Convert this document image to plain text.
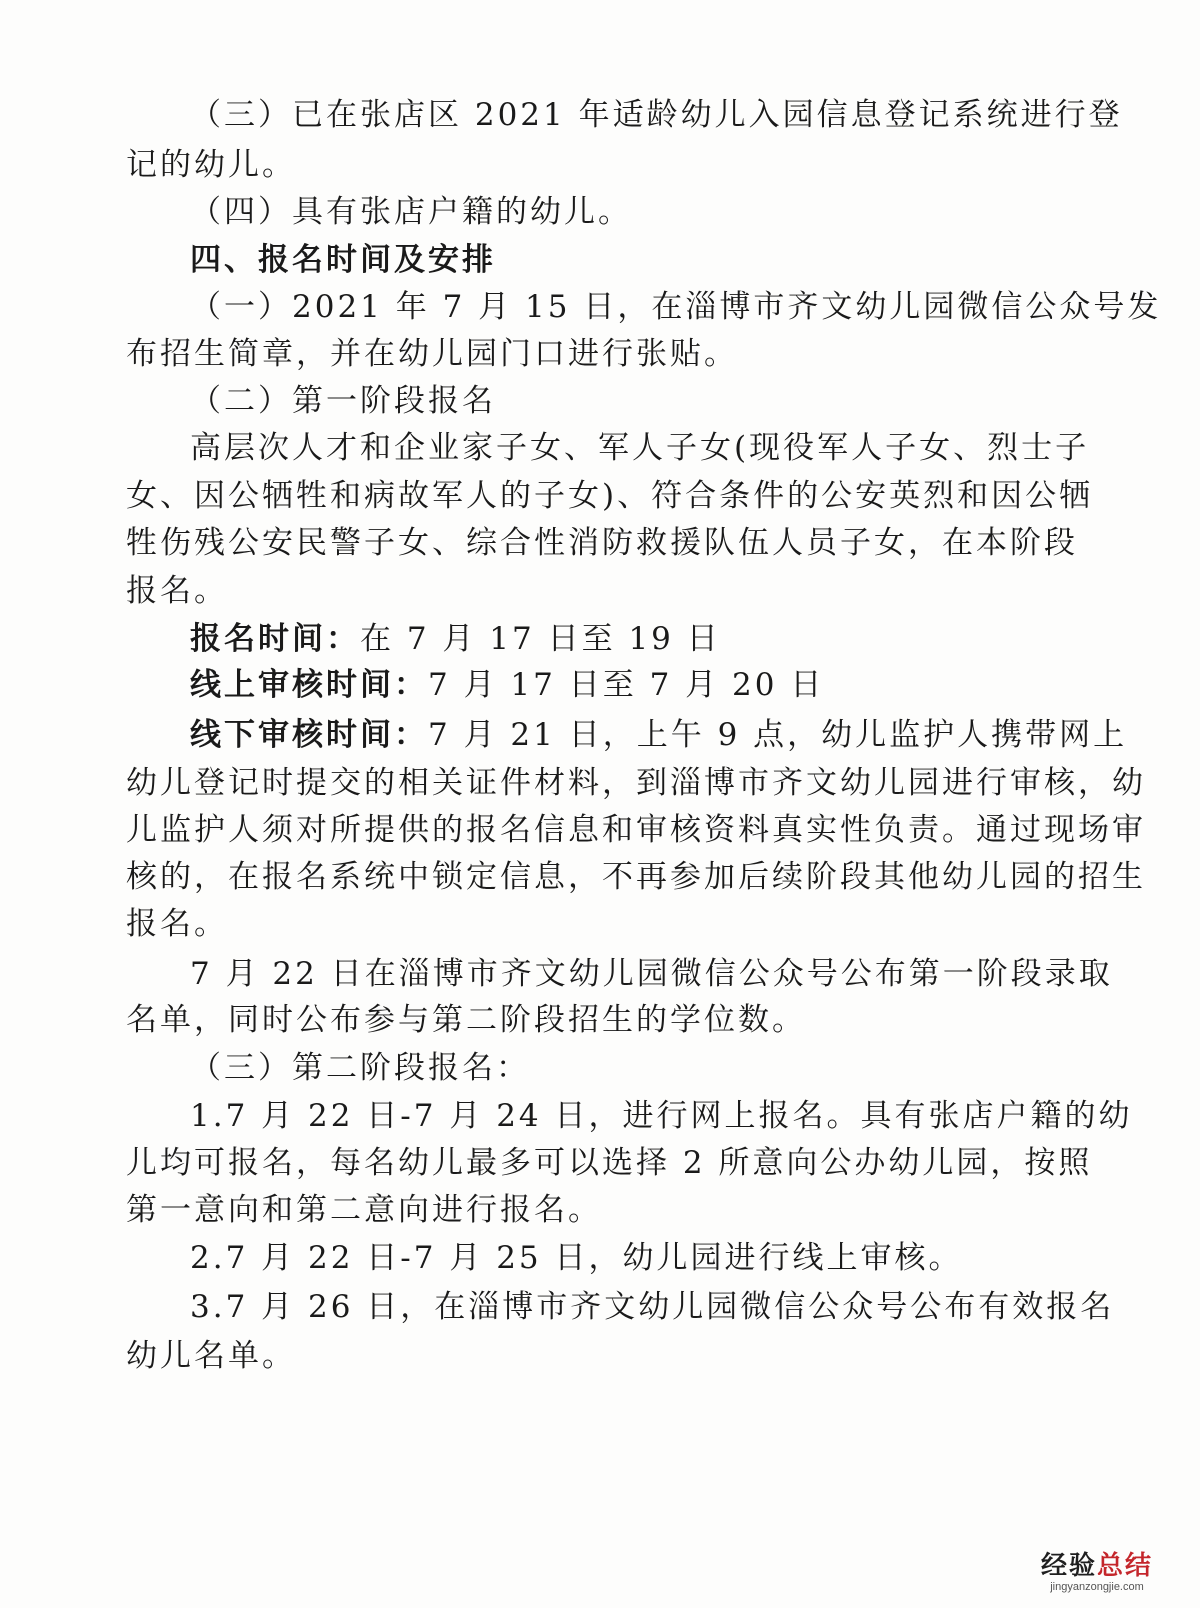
（三）已在张店区 2021 年适龄幼儿入园信息登记系统进行登
记的幼儿。
（四）具有张店户籍的幼儿。
四、报名时间及安排
（一）2021 年 7 月 15 日，在淄博市齐文幼儿园微信公众号发
布招生简章，并在幼儿园门口进行张贴。
（二）第一阶段报名
高层次人才和企业家子女、军人子女(现役军人子女、烈士子
女、因公牺牲和病故军人的子女)、符合条件的公安英烈和因公牺
牲伤残公安民警子女、综合性消防救援队伍人员子女，在本阶段
报名。
报名时间：在 7 月 17 日至 19 日
线上审核时间：7 月 17 日至 7 月 20 日
线下审核时间：7 月 21 日，上午 9 点，幼儿监护人携带网上
幼儿登记时提交的相关证件材料，到淄博市齐文幼儿园进行审核，幼
儿监护人须对所提供的报名信息和审核资料真实性负责。通过现场审
核的，在报名系统中锁定信息，不再参加后续阶段其他幼儿园的招生
报名。
7 月 22 日在淄博市齐文幼儿园微信公众号公布第一阶段录取
名单，同时公布参与第二阶段招生的学位数。
（三）第二阶段报名：
1.7 月 22 日-7 月 24 日，进行网上报名。具有张店户籍的幼
儿均可报名，每名幼儿最多可以选择 2 所意向公办幼儿园，按照
第一意向和第二意向进行报名。
2.7 月 22 日-7 月 25 日，幼儿园进行线上审核。
3.7 月 26 日，在淄博市齐文幼儿园微信公众号公布有效报名
幼儿名单。
经验总结
jingyanzongjie.com
